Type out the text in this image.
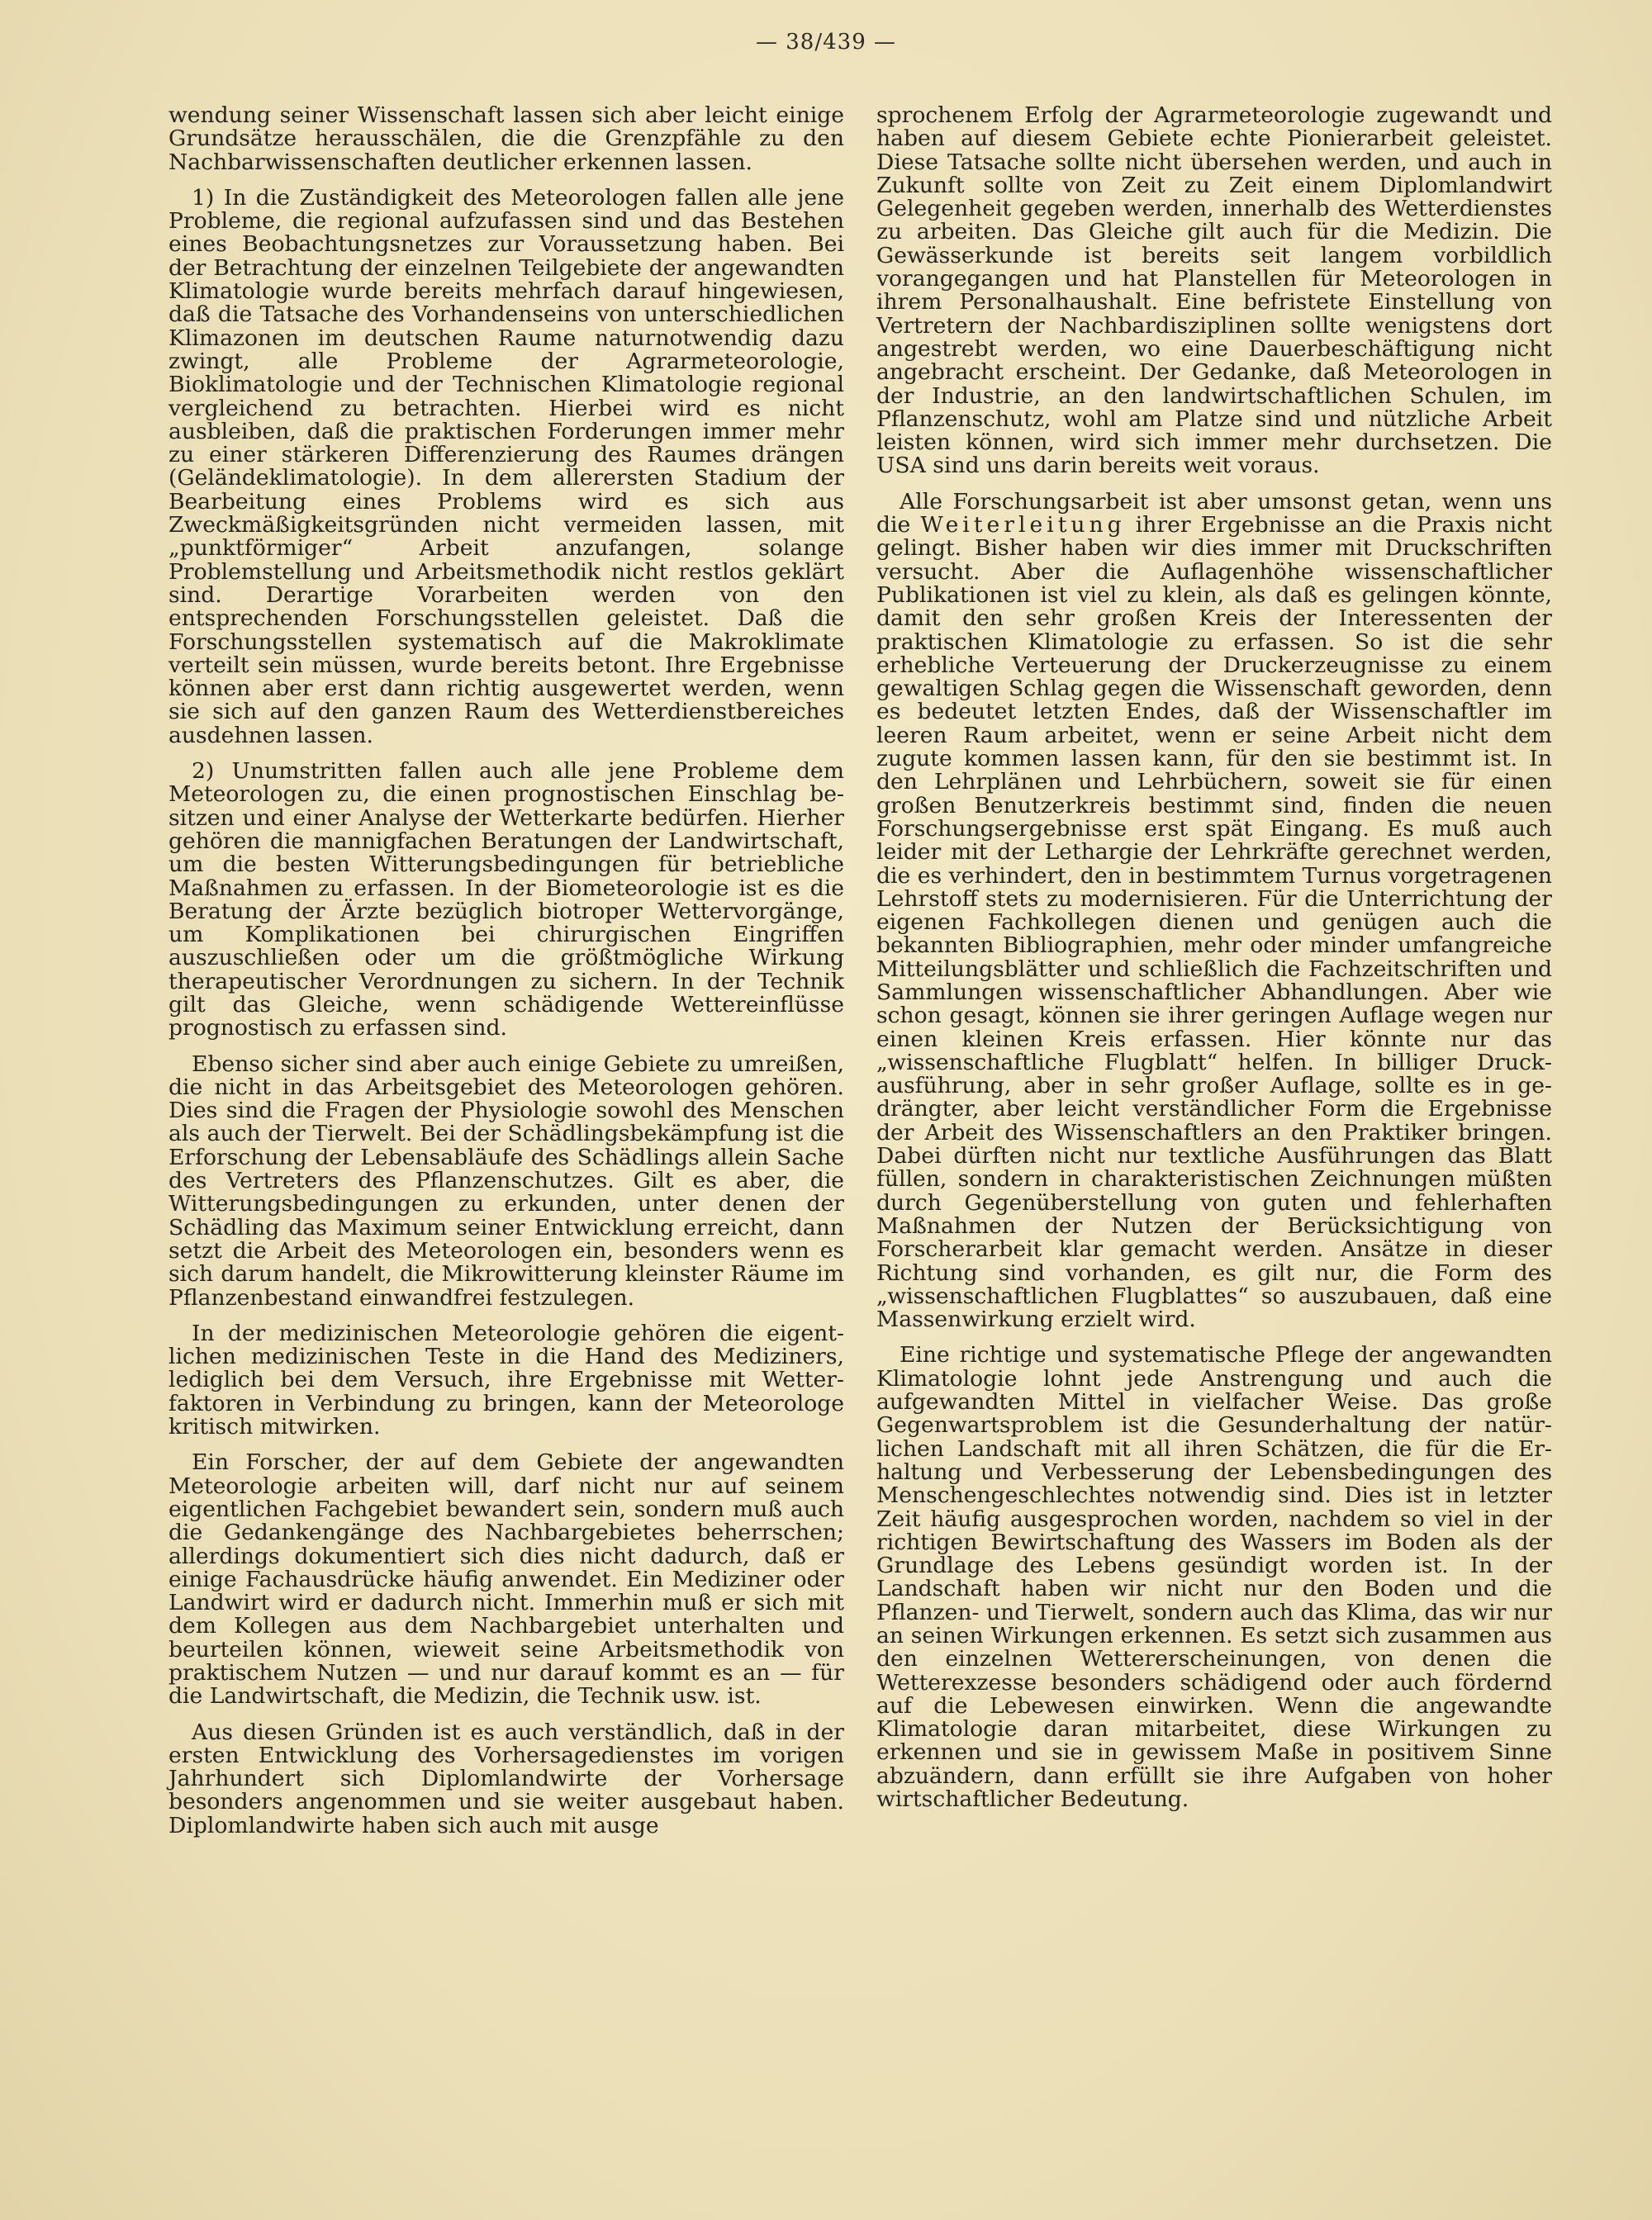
— 38/439 —

wendung seiner Wissenschaft lassen sich aber leicht einige Grundsätze herausschälen, die die Grenzpfähle zu den Nachbarwissenschaften deutlicher erkennen lassen.

1) In die Zuständigkeit des Meteorologen fallen alle jene Probleme, die regional aufzufassen sind und das Bestehen eines Beobachtungsnetzes zur Voraussetzung haben. Bei der Betrachtung der einzelnen Teilgebiete der angewandten Klimatologie wurde bereits mehrfach darauf hingewiesen, daß die Tatsache des Vorhandenseins von unterschiedlichen Klimazonen im deutschen Raume naturnotwendig dazu zwingt, alle Probleme der Agrarmeteorologie, Bioklimatologie und der Technischen Klimatologie regional vergleichend zu betrachten. Hierbei wird es nicht ausbleiben, daß die praktischen Forderungen immer mehr zu einer stärkeren Differenzierung des Raumes drängen (Geländeklimatologie). In dem allerersten Stadium der Bearbeitung eines Problems wird es sich aus Zweckmäßigkeitsgründen nicht vermeiden lassen, mit „punktförmiger“ Arbeit anzufangen, solange Problemstellung und Arbeitsmethodik nicht restlos geklärt sind. Derartige Vorarbeiten werden von den entsprechenden Forschungsstellen geleistet. Daß die Forschungsstellen systematisch auf die Makroklimate verteilt sein müssen, wurde bereits betont. Ihre Ergebnisse können aber erst dann richtig ausgewertet werden, wenn sie sich auf den ganzen Raum des Wetterdienstbereiches ausdehnen lassen.

2) Unumstritten fallen auch alle jene Probleme dem Meteorologen zu, die einen prognostischen Einschlag besitzen und einer Analyse der Wetterkarte bedürfen. Hierher gehören die mannigfachen Beratungen der Landwirtschaft, um die besten Witterungsbedingungen für betriebliche Maßnahmen zu erfassen. In der Biometeorologie ist es die Beratung der Ärzte bezüglich biotroper Wettervorgänge, um Komplikationen bei chirurgischen Eingriffen auszuschließen oder um die größtmögliche Wirkung therapeutischer Verordnungen zu sichern. In der Technik gilt das Gleiche, wenn schädigende Wettereinflüsse prognostisch zu erfassen sind.

Ebenso sicher sind aber auch einige Gebiete zu umreißen, die nicht in das Arbeitsgebiet des Meteorologen gehören. Dies sind die Fragen der Physiologie sowohl des Menschen als auch der Tierwelt. Bei der Schädlingsbekämpfung ist die Erforschung der Lebensabläufe des Schädlings allein Sache des Vertreters des Pflanzenschutzes. Gilt es aber, die Witterungsbedingungen zu erkunden, unter denen der Schädling das Maximum seiner Entwicklung erreicht, dann setzt die Arbeit des Meteorologen ein, besonders wenn es sich darum handelt, die Mikrowitterung kleinster Räume im Pflanzenbestand einwandfrei festzulegen.

In der medizinischen Meteorologie gehören die eigentlichen medizinischen Teste in die Hand des Mediziners, lediglich bei dem Versuch, ihre Ergebnisse mit Wetterfaktoren in Verbindung zu bringen, kann der Meteorologe kritisch mitwirken.

Ein Forscher, der auf dem Gebiete der angewandten Meteorologie arbeiten will, darf nicht nur auf seinem eigentlichen Fachgebiet bewandert sein, sondern muß auch die Gedankengänge des Nachbargebietes beherrschen; allerdings dokumentiert sich dies nicht dadurch, daß er einige Fachausdrücke häufig anwendet. Ein Mediziner oder Landwirt wird er dadurch nicht. Immerhin muß er sich mit dem Kollegen aus dem Nachbargebiet unterhalten und beurteilen können, wieweit seine Arbeitsmethodik von praktischem Nutzen — und nur darauf kommt es an — für die Landwirtschaft, die Medizin, die Technik usw. ist.

Aus diesen Gründen ist es auch verständlich, daß in der ersten Entwicklung des Vorhersagedienstes im vorigen Jahrhundert sich Diplomlandwirte der Vorhersage besonders angenommen und sie weiter ausgebaut haben. Diplomlandwirte haben sich auch mit ausge

sprochenem Erfolg der Agrarmeteorologie zugewandt und haben auf diesem Gebiete echte Pionierarbeit geleistet. Diese Tatsache sollte nicht übersehen werden, und auch in Zukunft sollte von Zeit zu Zeit einem Diplomlandwirt Gelegenheit gegeben werden, innerhalb des Wetterdienstes zu arbeiten. Das Gleiche gilt auch für die Medizin. Die Gewässerkunde ist bereits seit langem vorbildlich vorangegangen und hat Planstellen für Meteorologen in ihrem Personalhaushalt. Eine befristete Einstellung von Vertretern der Nachbardisziplinen sollte wenigstens dort angestrebt werden, wo eine Dauerbeschäftigung nicht angebracht erscheint. Der Gedanke, daß Meteorologen in der Industrie, an den landwirtschaftlichen Schulen, im Pflanzenschutz, wohl am Platze sind und nützliche Arbeit leisten können, wird sich immer mehr durchsetzen. Die USA sind uns darin bereits weit voraus.

Alle Forschungsarbeit ist aber umsonst getan, wenn uns die Weiterleitung ihrer Ergebnisse an die Praxis nicht gelingt. Bisher haben wir dies immer mit Druckschriften versucht. Aber die Auflagenhöhe wissenschaftlicher Publikationen ist viel zu klein, als daß es gelingen könnte, damit den sehr großen Kreis der Interessenten der praktischen Klimatologie zu erfassen. So ist die sehr erhebliche Verteuerung der Druckerzeugnisse zu einem gewaltigen Schlag gegen die Wissenschaft geworden, denn es bedeutet letzten Endes, daß der Wissenschaftler im leeren Raum arbeitet, wenn er seine Arbeit nicht dem zugute kommen lassen kann, für den sie bestimmt ist. In den Lehrplänen und Lehrbüchern, soweit sie für einen großen Benutzerkreis bestimmt sind, finden die neuen Forschungsergebnisse erst spät Eingang. Es muß auch leider mit der Lethargie der Lehrkräfte gerechnet werden, die es verhindert, den in bestimmtem Turnus vorgetragenen Lehrstoff stets zu modernisieren. Für die Unterrichtung der eigenen Fachkollegen dienen und genügen auch die bekannten Bibliographien, mehr oder minder umfangreiche Mitteilungsblätter und schließlich die Fachzeitschriften und Sammlungen wissenschaftlicher Abhandlungen. Aber wie schon gesagt, können sie ihrer geringen Auflage wegen nur einen kleinen Kreis erfassen. Hier könnte nur das „wissenschaftliche Flugblatt“ helfen. In billiger Druckausführung, aber in sehr großer Auflage, sollte es in gedrängter, aber leicht verständlicher Form die Ergebnisse der Arbeit des Wissenschaftlers an den Praktiker bringen. Dabei dürften nicht nur textliche Ausführungen das Blatt füllen, sondern in charakteristischen Zeichnungen müßten durch Gegenüberstellung von guten und fehlerhaften Maßnahmen der Nutzen der Berücksichtigung von Forscherarbeit klar gemacht werden. Ansätze in dieser Richtung sind vorhanden, es gilt nur, die Form des „wissenschaftlichen Flugblattes“ so auszubauen, daß eine Massenwirkung erzielt wird.

Eine richtige und systematische Pflege der angewandten Klimatologie lohnt jede Anstrengung und auch die aufgewandten Mittel in vielfacher Weise. Das große Gegenwartsproblem ist die Gesunderhaltung der natürlichen Landschaft mit all ihren Schätzen, die für die Erhaltung und Verbesserung der Lebensbedingungen des Menschengeschlechtes notwendig sind. Dies ist in letzter Zeit häufig ausgesprochen worden, nachdem so viel in der richtigen Bewirtschaftung des Wassers im Boden als der Grundlage des Lebens gesündigt worden ist. In der Landschaft haben wir nicht nur den Boden und die Pflanzen- und Tierwelt, sondern auch das Klima, das wir nur an seinen Wirkungen erkennen. Es setzt sich zusammen aus den einzelnen Wettererscheinungen, von denen die Wetterexzesse besonders schädigend oder auch fördernd auf die Lebewesen einwirken. Wenn die angewandte Klimatologie daran mitarbeitet, diese Wirkungen zu erkennen und sie in gewissem Maße in positivem Sinne abzuändern, dann erfüllt sie ihre Aufgaben von hoher wirtschaftlicher Bedeutung.
